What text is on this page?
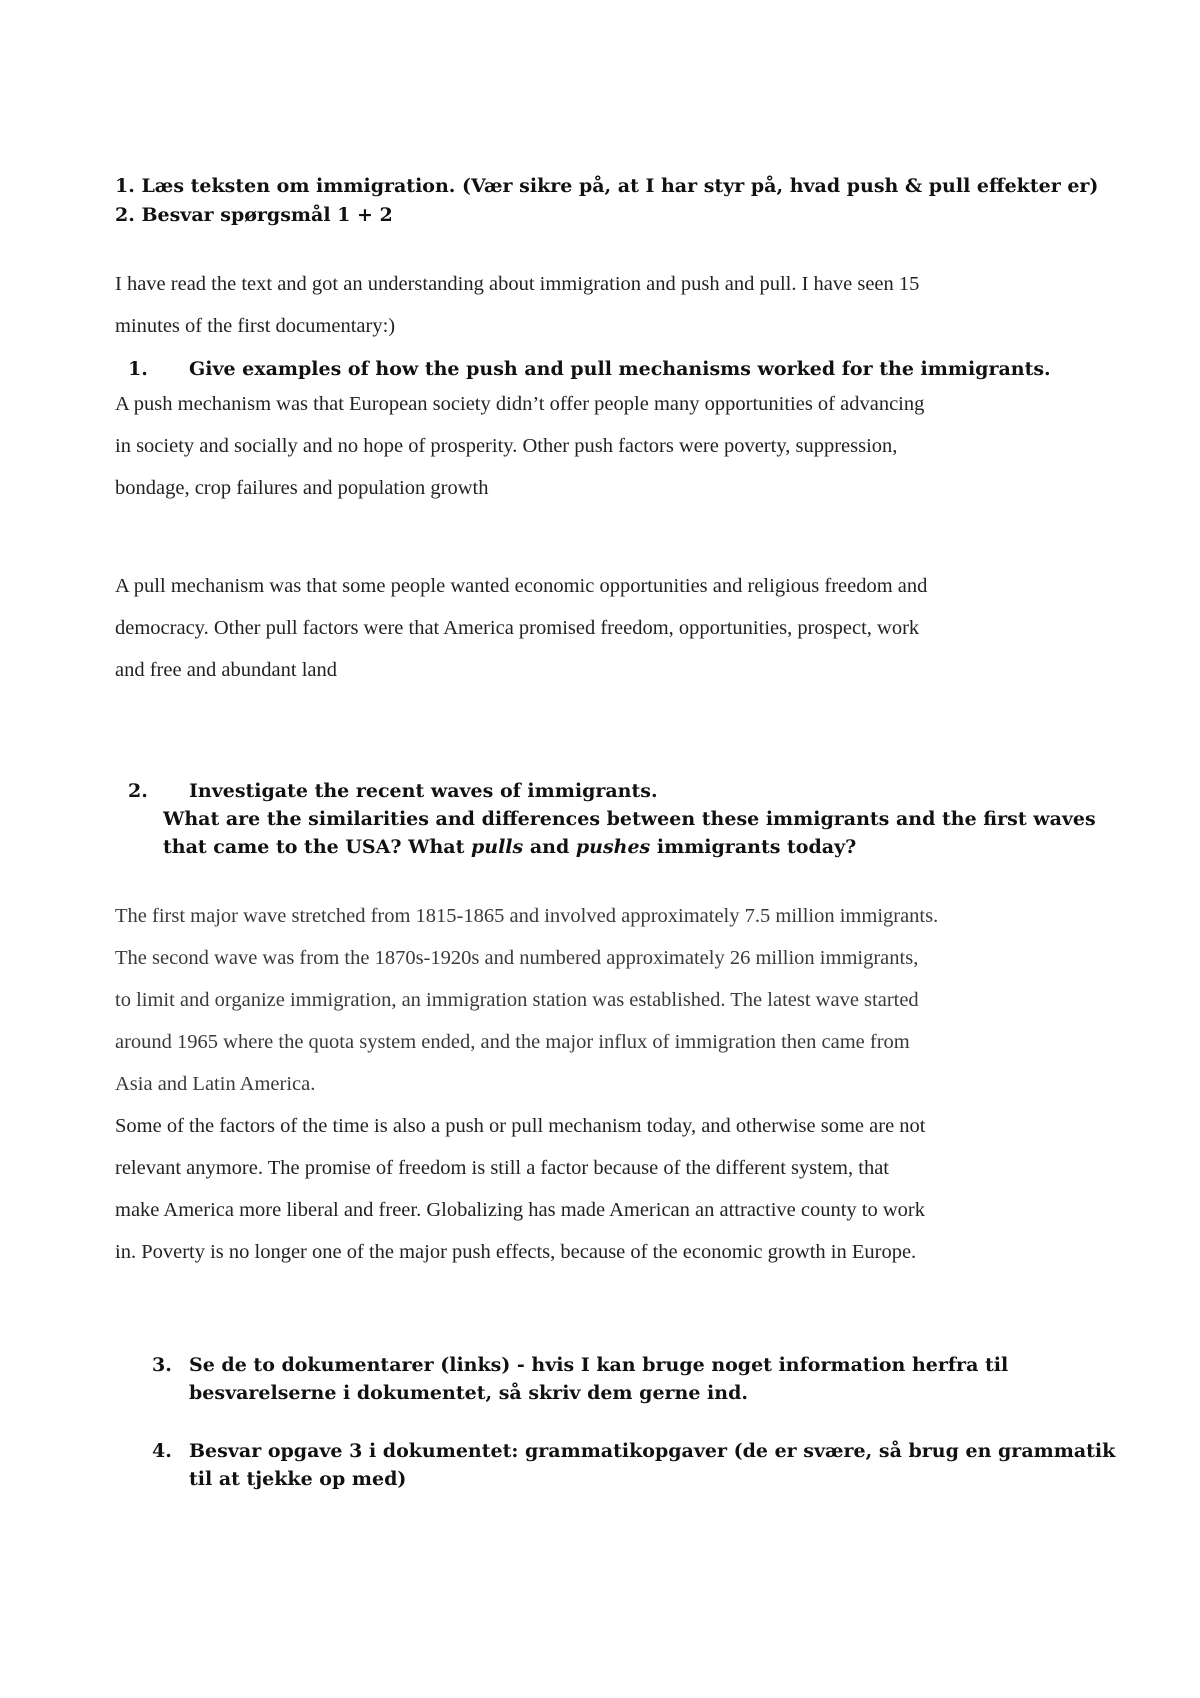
1. Læs teksten om immigration. (Vær sikre på, at I har styr på, hvad push & pull effekter er)
2. Besvar spørgsmål 1 + 2
I have read the text and got an understanding about immigration and push and pull. I have seen 15
minutes of the first documentary:)
1. Give examples of how the push and pull mechanisms worked for the immigrants.
A push mechanism was that European society didn’t offer people many opportunities of advancing
in society and socially and no hope of prosperity. Other push factors were poverty, suppression,
bondage, crop failures and population growth
A pull mechanism was that some people wanted economic opportunities and religious freedom and
democracy. Other pull factors were that America promised freedom, opportunities, prospect, work
and free and abundant land
2. Investigate the recent waves of immigrants.
What are the similarities and differences between these immigrants and the first waves
that came to the USA? What pulls and pushes immigrants today?
The first major wave stretched from 1815-1865 and involved approximately 7.5 million immigrants.
The second wave was from the 1870s-1920s and numbered approximately 26 million immigrants,
to limit and organize immigration, an immigration station was established. The latest wave started
around 1965 where the quota system ended, and the major influx of immigration then came from
Asia and Latin America.
Some of the factors of the time is also a push or pull mechanism today, and otherwise some are not
relevant anymore. The promise of freedom is still a factor because of the different system, that
make America more liberal and freer. Globalizing has made American an attractive county to work
in. Poverty is no longer one of the major push effects, because of the economic growth in Europe.
3. Se de to dokumentarer (links) - hvis I kan bruge noget information herfra til
besvarelserne i dokumentet, så skriv dem gerne ind.
4. Besvar opgave 3 i dokumentet: grammatikopgaver (de er svære, så brug en grammatik
til at tjekke op med)
